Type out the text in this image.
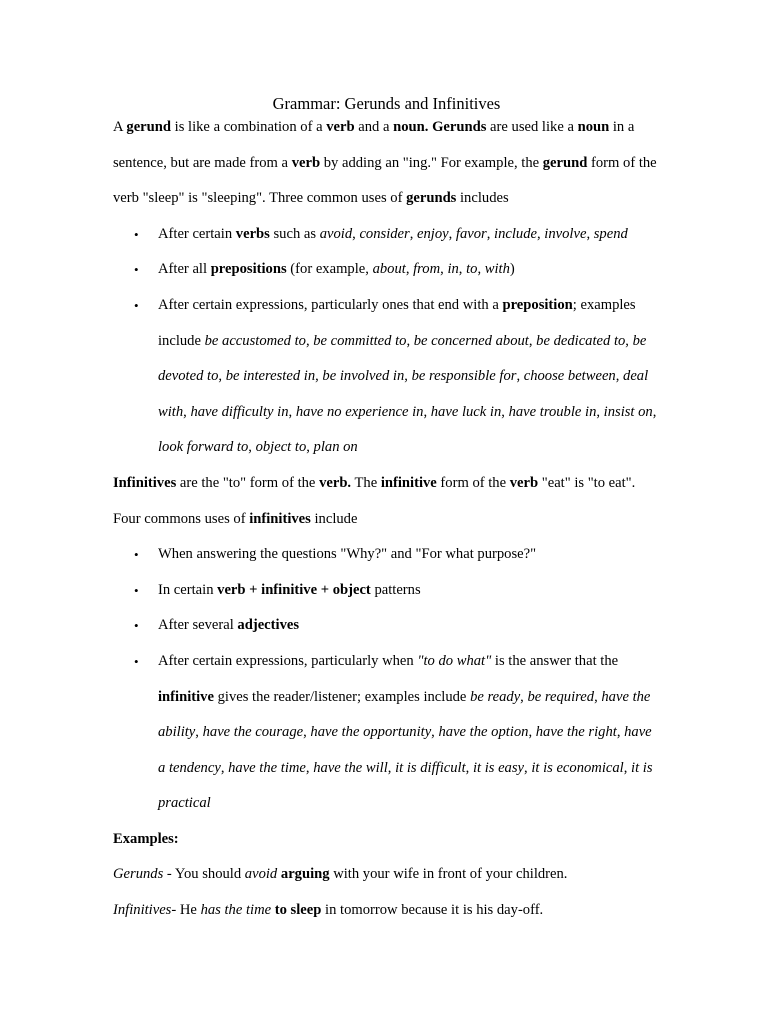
Grammar: Gerunds and Infinitives

A gerund is like a combination of a verb and a noun. Gerunds are used like a noun in a sentence, but are made from a verb by adding an "ing." For example, the gerund form of the verb "sleep" is "sleeping". Three common uses of gerunds includes

• After certain verbs such as avoid, consider, enjoy, favor, include, involve, spend
• After all prepositions (for example, about, from, in, to, with)
• After certain expressions, particularly ones that end with a preposition; examples include be accustomed to, be committed to, be concerned about, be dedicated to, be devoted to, be interested in, be involved in, be responsible for, choose between, deal with, have difficulty in, have no experience in, have luck in, have trouble in, insist on, look forward to, object to, plan on

Infinitives are the "to" form of the verb. The infinitive form of the verb "eat" is "to eat". Four commons uses of infinitives include

• When answering the questions "Why?" and "For what purpose?"
• In certain verb + infinitive + object patterns
• After several adjectives
• After certain expressions, particularly when "to do what" is the answer that the infinitive gives the reader/listener; examples include be ready, be required, have the ability, have the courage, have the opportunity, have the option, have the right, have a tendency, have the time, have the will, it is difficult, it is easy, it is economical, it is practical

Examples:

Gerunds - You should avoid arguing with your wife in front of your children.

Infinitives- He has the time to sleep in tomorrow because it is his day-off.
